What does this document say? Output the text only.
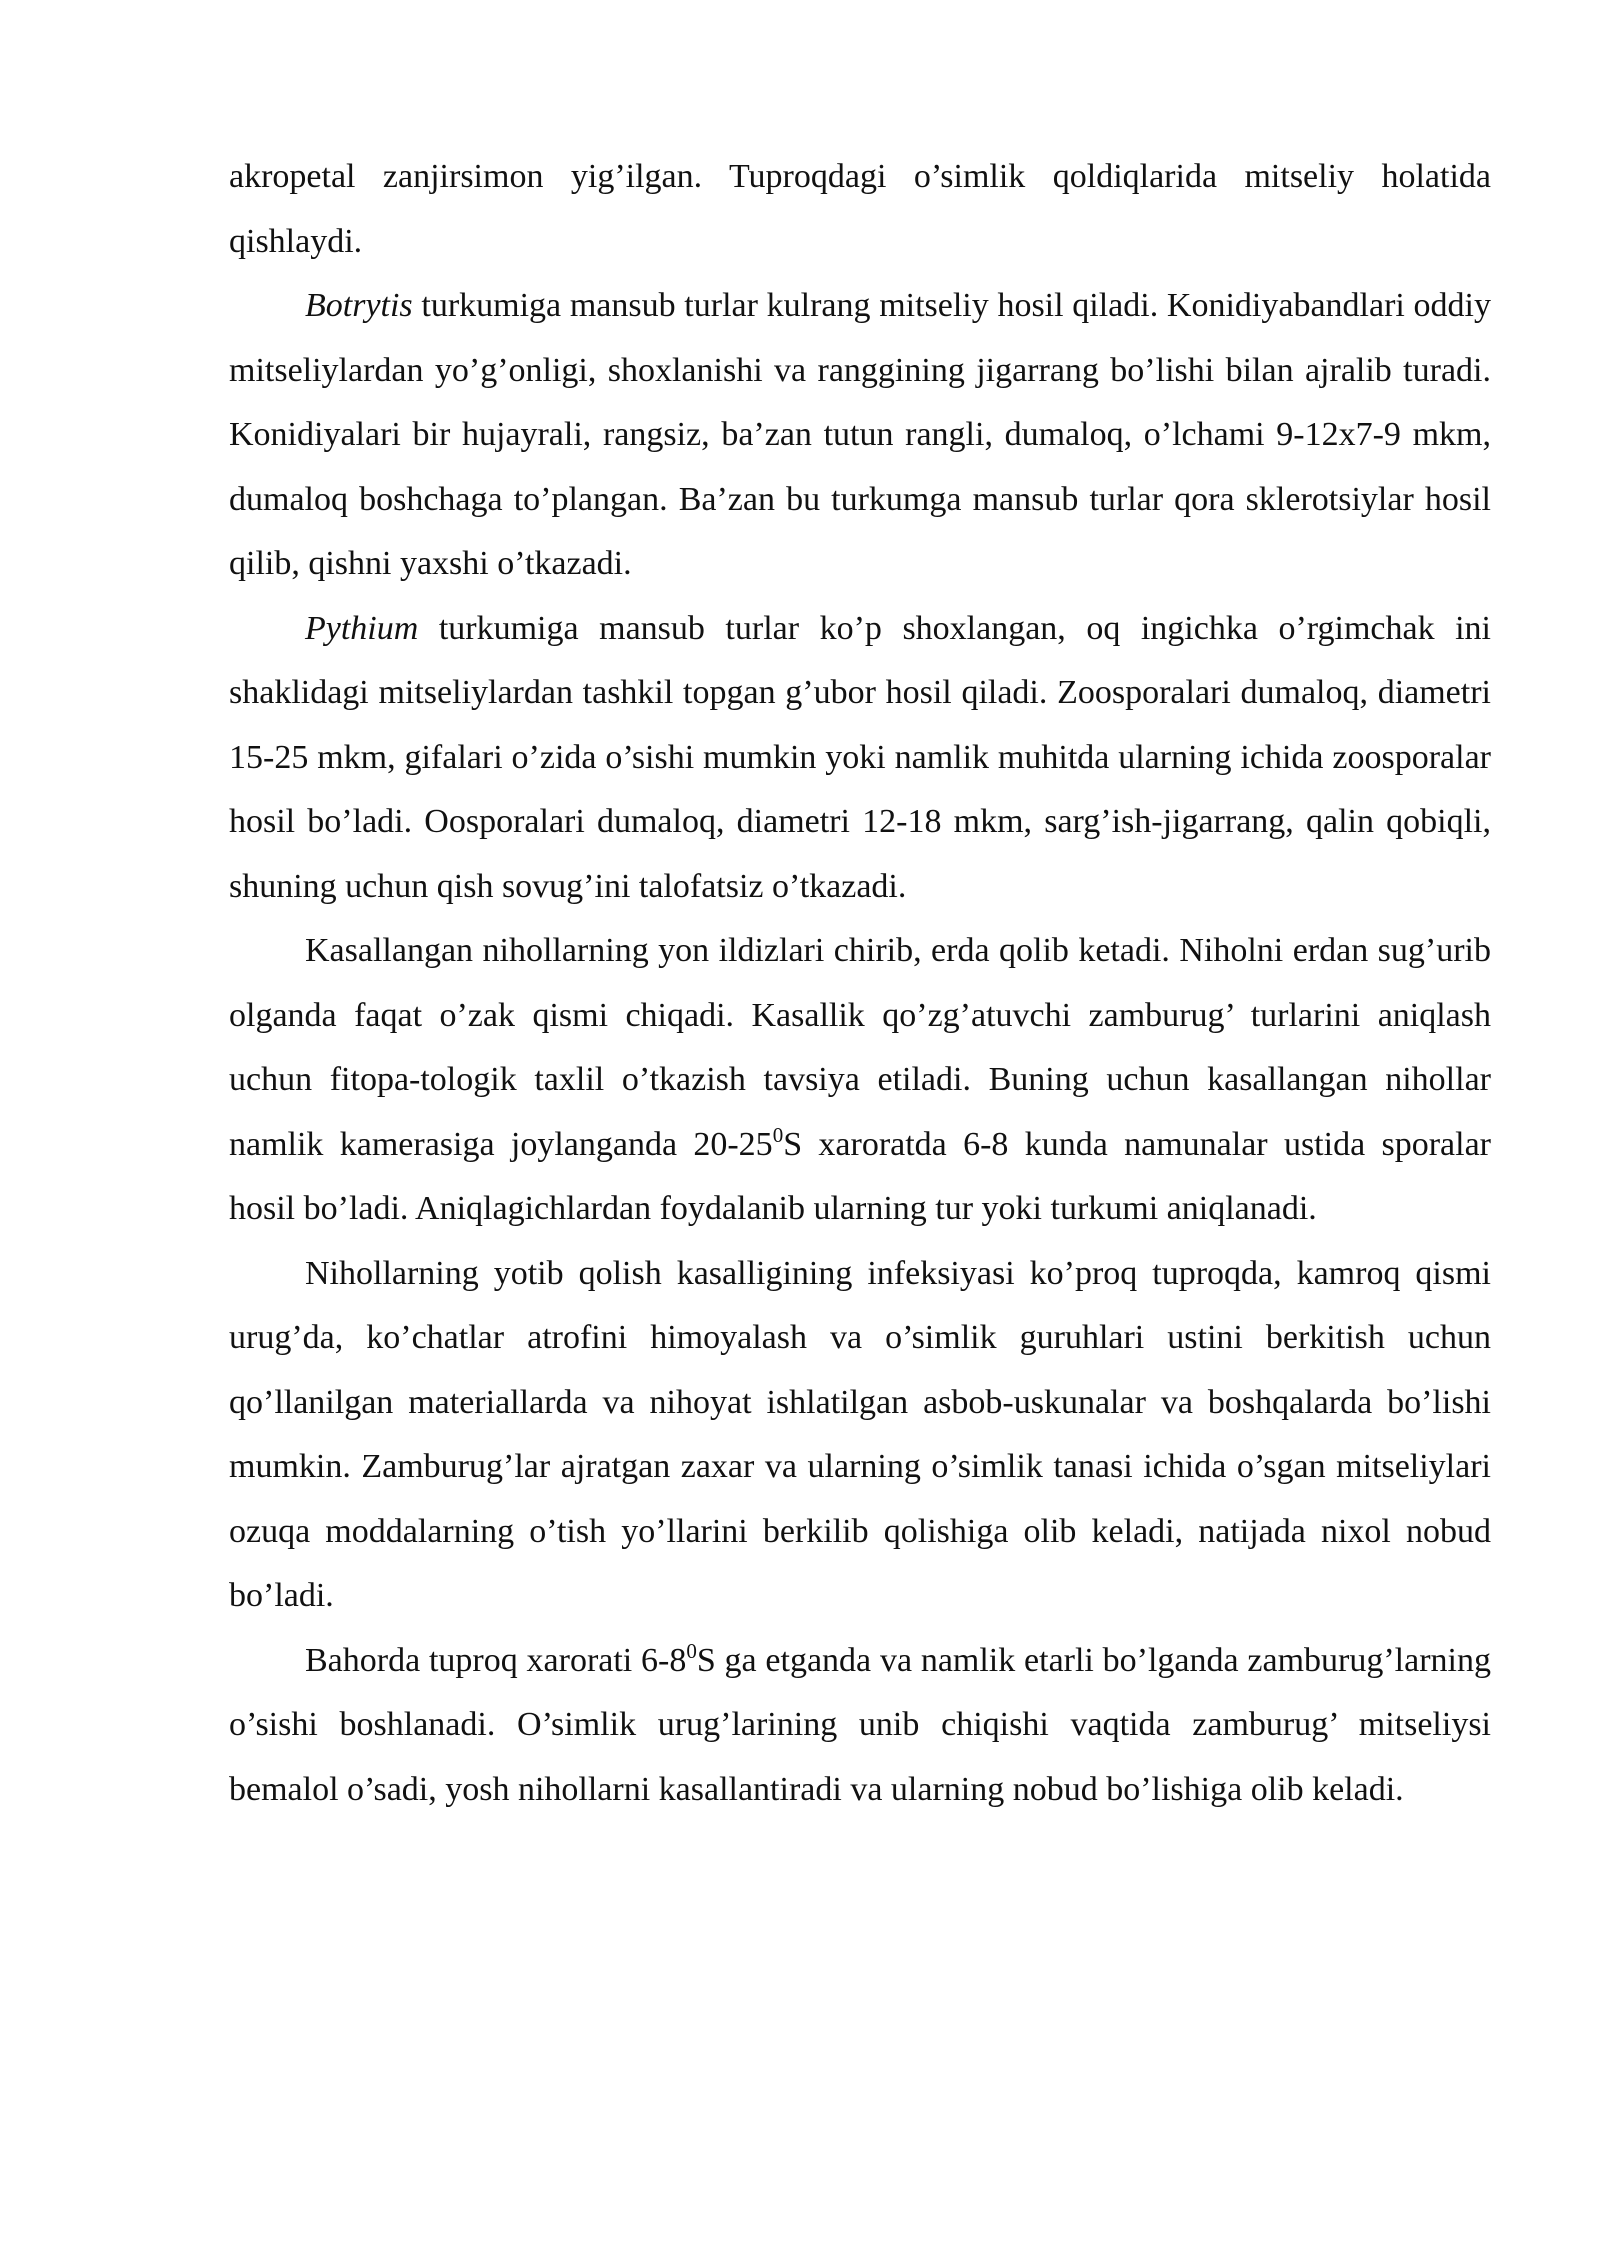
akropetal zanjirsimon yig’ilgan. Tuproqdagi o’simlik qoldiqlarida mitseliy holatida qishlaydi.

Botrytis turkumiga mansub turlar kulrang mitseliy hosil qiladi. Konidiyabandlari oddiy mitseliylardan yo’g’onligi, shoxlanishi va ranggining jigarrang bo’lishi bilan ajralib turadi. Konidiyalari bir hujayrali, rangsiz, ba’zan tutun rangli, dumaloq, o’lchami 9-12x7-9 mkm, dumaloq boshchaga to’plangan. Ba’zan bu turkumga mansub turlar qora sklerotsiylar hosil qilib, qishni yaxshi o’tkazadi.

Pythium turkumiga mansub turlar ko’p shoxlangan, oq ingichka o’rgimchak ini shaklidagi mitseliylardan tashkil topgan g’ubor hosil qiladi. Zoosporalari dumaloq, diametri 15-25 mkm, gifalari o’zida o’sishi mumkin yoki namlik muhitda ularning ichida zoosporalar hosil bo’ladi. Oosporalari dumaloq, diametri 12-18 mkm, sarg’ish-jigarrang, qalin qobiqli, shuning uchun qish sovug’ini talofatsiz o’tkazadi.

Kasallangan nihollarning yon ildizlari chirib, erda qolib ketadi. Niholni erdan sug’urib olganda faqat o’zak qismi chiqadi. Kasallik qo’zg’atuvchi zamburug’ turlarini aniqlash uchun fitopa-tologik taxlil o’tkazish tavsiya etiladi. Buning uchun kasallangan nihollar namlik kamerasiga joylanganda $20-25^0S$ xaroratda 6-8 kunda namunalar ustida sporalar hosil bo’ladi. Aniqlagichlardan foydalanib ularning tur yoki turkumi aniqlanadi.

Nihollarning yotib qolish kasalligining infeksiyasi ko’proq tuproqda, kamroq qismi urug’da, ko’chatlar atrofini himoyalash va o’simlik guruhlari ustini berkitish uchun qo’llanilgan materiallarda va nihoyat ishlatilgan asbob-uskunalar va boshqalarda bo’lishi mumkin. Zamburug’lar ajratgan zaxar va ularning o’simlik tanasi ichida o’sgan mitseliylari ozuqa moddalarning o’tish yo’llarini berkilib qolishiga olib keladi, natijada nixol nobud bo’ladi.

Bahorda tuproq xarorati $6-8^0S$ ga etganda va namlik etarli bo’lganda zamburug’larning o’sishi boshlanadi. O’simlik urug’larining unib chiqishi vaqtida zamburug’ mitseliysi bemalol o’sadi, yosh nihollarni kasallantiradi va ularning nobud bo’lishiga olib keladi.
